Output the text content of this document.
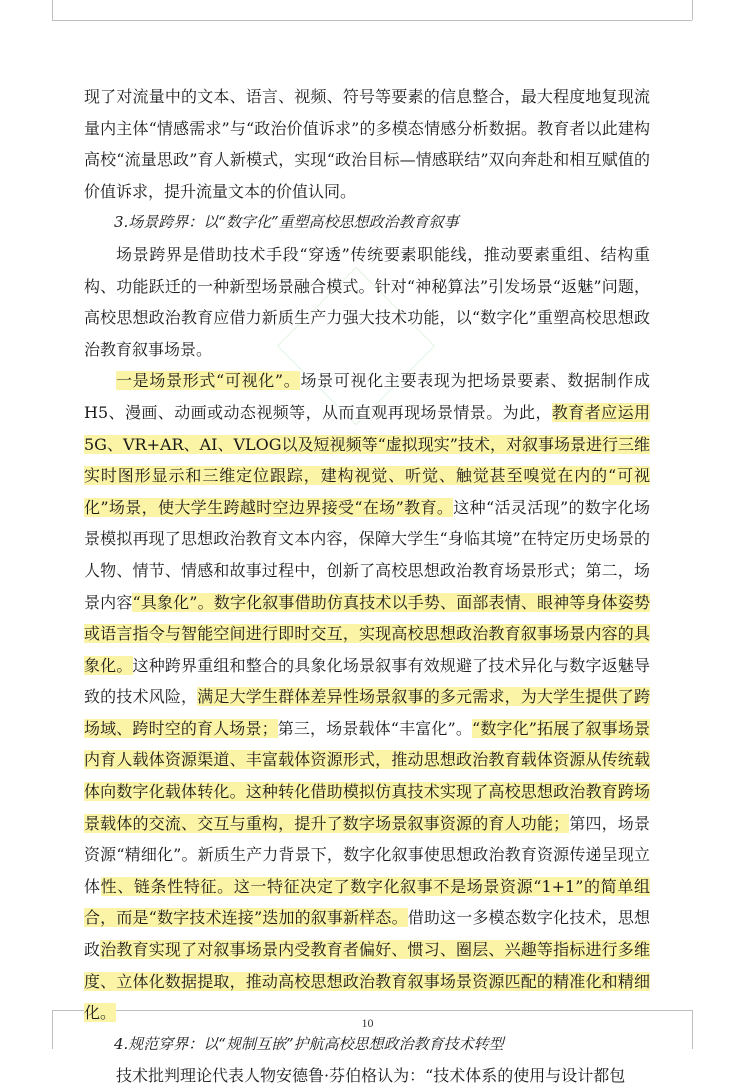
现了对流量中的文本、语言、视频、符号等要素的信息整合，最大程度地复现流量内主体“情感需求”与“政治价值诉求”的多模态情感分析数据。教育者以此建构高校“流量思政”育人新模式，实现“政治目标—情感联结”双向奔赴和相互赋值的价值诉求，提升流量文本的价值认同。

3.场景跨界：以“数字化”重塑高校思想政治教育叙事

场景跨界是借助技术手段“穿透”传统要素职能线，推动要素重组、结构重构、功能跃迁的一种新型场景融合模式。针对“神秘算法”引发场景“返魅”问题，高校思想政治教育应借力新质生产力强大技术功能，以“数字化”重塑高校思想政治教育叙事场景。

一是场景形式“可视化”。场景可视化主要表现为把场景要素、数据制作成H5、漫画、动画或动态视频等，从而直观再现场景情景。为此，教育者应运用5G、VR+AR、AI、VLOG以及短视频等“虚拟现实”技术，对叙事场景进行三维实时图形显示和三维定位跟踪，建构视觉、听觉、触觉甚至嗅觉在内的“可视化”场景，使大学生跨越时空边界接受“在场”教育。这种“活灵活现”的数字化场景模拟再现了思想政治教育文本内容，保障大学生“身临其境”在特定历史场景的人物、情节、情感和故事过程中，创新了高校思想政治教育场景形式；第二，场景内容“具象化”。数字化叙事借助仿真技术以手势、面部表情、眼神等身体姿势或语言指令与智能空间进行即时交互，实现高校思想政治教育叙事场景内容的具象化。这种跨界重组和整合的具象化场景叙事有效规避了技术异化与数字返魅导致的技术风险，满足大学生群体差异性场景叙事的多元需求，为大学生提供了跨场域、跨时空的育人场景；第三，场景载体“丰富化”。“数字化”拓展了叙事场景内育人载体资源渠道、丰富载体资源形式，推动思想政治教育载体资源从传统载体向数字化载体转化。这种转化借助模拟仿真技术实现了高校思想政治教育跨场景载体的交流、交互与重构，提升了数字场景叙事资源的育人功能；第四，场景资源“精细化”。新质生产力背景下，数字化叙事使思想政治教育资源传递呈现立体性、链条性特征。这一特征决定了数字化叙事不是场景资源“1+1”的简单组合，而是“数字技术连接”迭加的叙事新样态。借助这一多模态数字化技术，思想政治教育实现了对叙事场景内受教育者偏好、惯习、圈层、兴趣等指标进行多维度、立体化数据提取，推动高校思想政治教育叙事场景资源匹配的精准化和精细化。

4.规范穿界：以“规制互嵌”护航高校思想政治教育技术转型

技术批判理论代表人物安德鲁·芬伯格认为：“技术体系的使用与设计都包

10
